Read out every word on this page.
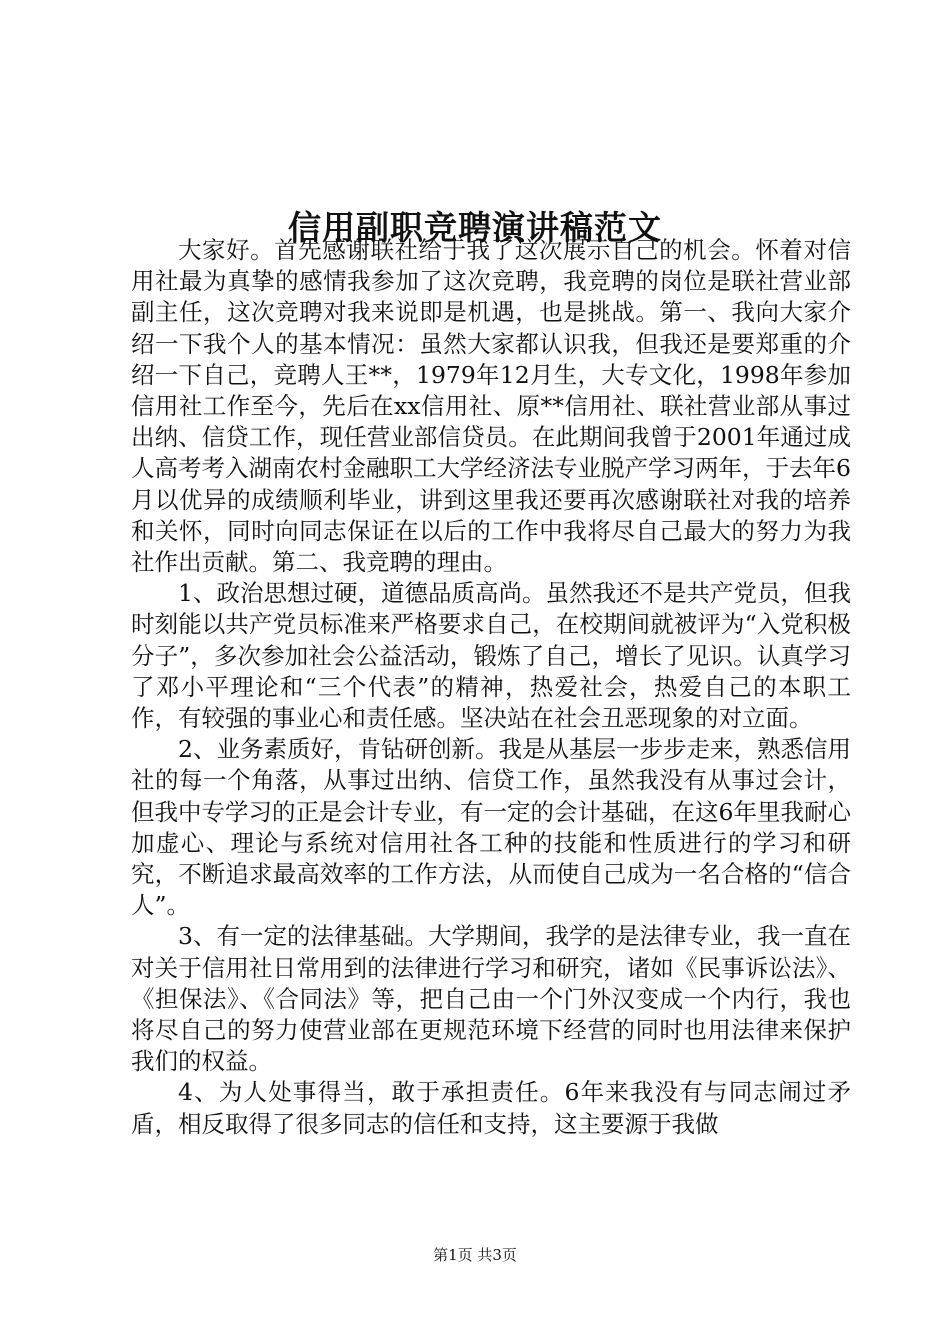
信用副职竞聘演讲稿范文

大家好。首先感谢联社给于我了这次展示自己的机会。怀着对信用社最为真挚的感情我参加了这次竞聘，我竞聘的岗位是联社营业部副主任，这次竞聘对我来说即是机遇，也是挑战。第一、我向大家介绍一下我个人的基本情况：虽然大家都认识我，但我还是要郑重的介绍一下自己，竞聘人王**，1979年12月生，大专文化，1998年参加信用社工作至今，先后在xx信用社、原**信用社、联社营业部从事过出纳、信贷工作，现任营业部信贷员。在此期间我曾于2001年通过成人高考考入湖南农村金融职工大学经济法专业脱产学习两年，于去年6月以优异的成绩顺利毕业，讲到这里我还要再次感谢联社对我的培养和关怀，同时向同志保证在以后的工作中我将尽自己最大的努力为我社作出贡献。第二、我竞聘的理由。

1、政治思想过硬，道德品质高尚。虽然我还不是共产党员，但我时刻能以共产党员标准来严格要求自己，在校期间就被评为“入党积极分子”，多次参加社会公益活动，锻炼了自己，增长了见识。认真学习了邓小平理论和“三个代表”的精神，热爱社会，热爱自己的本职工作，有较强的事业心和责任感。坚决站在社会丑恶现象的对立面。

2、业务素质好，肯钻研创新。我是从基层一步步走来，熟悉信用社的每一个角落，从事过出纳、信贷工作，虽然我没有从事过会计，但我中专学习的正是会计专业，有一定的会计基础，在这6年里我耐心加虚心、理论与系统对信用社各工种的技能和性质进行的学习和研究，不断追求最高效率的工作方法，从而使自己成为一名合格的“信合人”。

3、有一定的法律基础。大学期间，我学的是法律专业，我一直在对关于信用社日常用到的法律进行学习和研究，诸如《民事诉讼法》、《担保法》、《合同法》等，把自己由一个门外汉变成一个内行，我也将尽自己的努力使营业部在更规范环境下经营的同时也用法律来保护我们的权益。

4、为人处事得当，敢于承担责任。6年来我没有与同志闹过矛盾，相反取得了很多同志的信任和支持，这主要源于我做

第1页 共3页
